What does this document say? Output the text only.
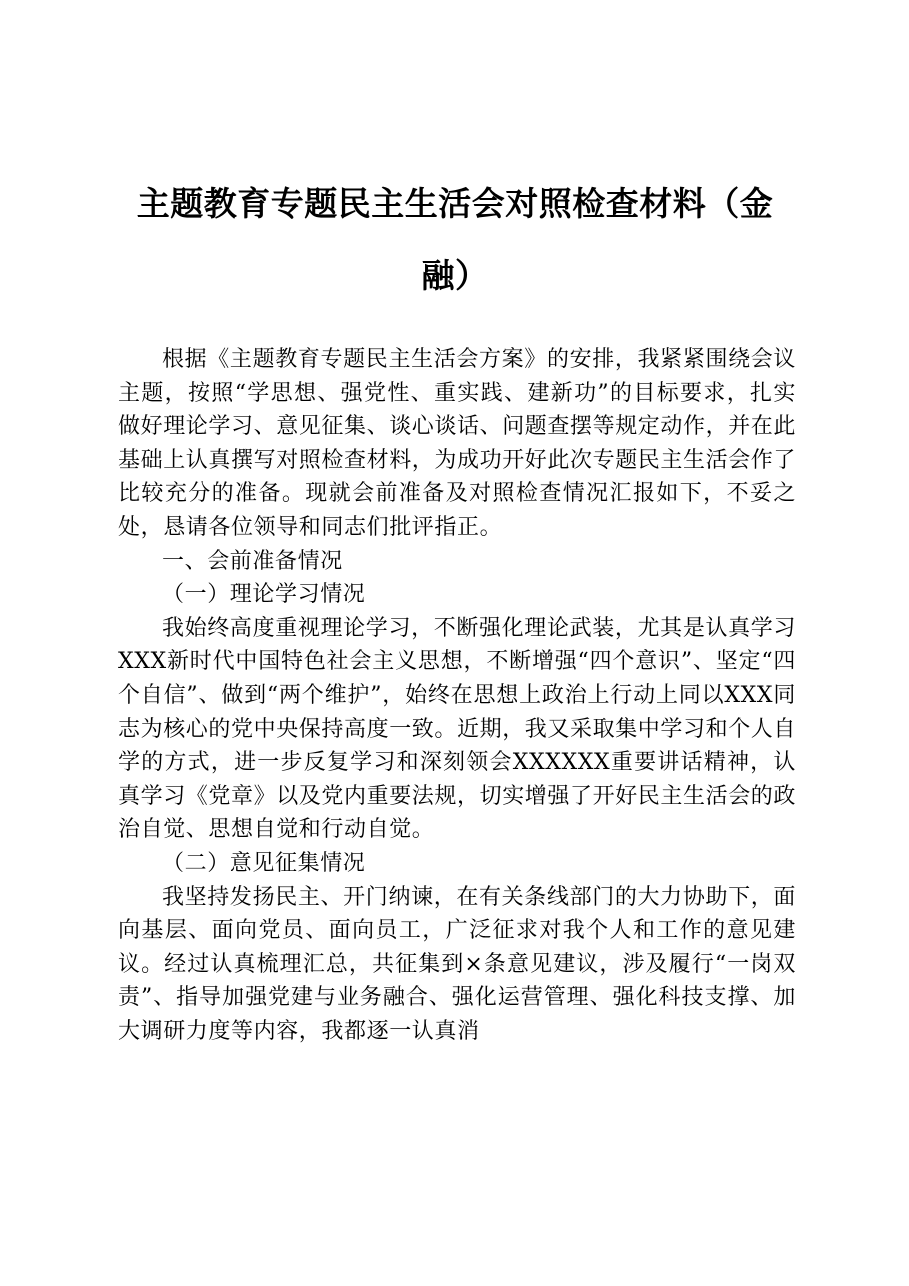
主题教育专题民主生活会对照检查材料（金融）

根据《主题教育专题民主生活会方案》的安排，我紧紧围绕会议主题，按照“学思想、强党性、重实践、建新功”的目标要求，扎实做好理论学习、意见征集、谈心谈话、问题查摆等规定动作，并在此基础上认真撰写对照检查材料，为成功开好此次专题民主生活会作了比较充分的准备。现就会前准备及对照检查情况汇报如下，不妥之处，恳请各位领导和同志们批评指正。

一、会前准备情况
（一）理论学习情况

我始终高度重视理论学习，不断强化理论武装，尤其是认真学习XXX新时代中国特色社会主义思想，不断增强“四个意识”、坚定“四个自信”、做到“两个维护”，始终在思想上政治上行动上同以XXX同志为核心的党中央保持高度一致。近期，我又采取集中学习和个人自学的方式，进一步反复学习和深刻领会XXXXXX重要讲话精神，认真学习《党章》以及党内重要法规，切实增强了开好民主生活会的政治自觉、思想自觉和行动自觉。

（二）意见征集情况

我坚持发扬民主、开门纳谏，在有关条线部门的大力协助下，面向基层、面向党员、面向员工，广泛征求对我个人和工作的意见建议。经过认真梳理汇总，共征集到×条意见建议，涉及履行“一岗双责”、指导加强党建与业务融合、强化运营管理、强化科技支撑、加大调研力度等内容，我都逐一认真消
